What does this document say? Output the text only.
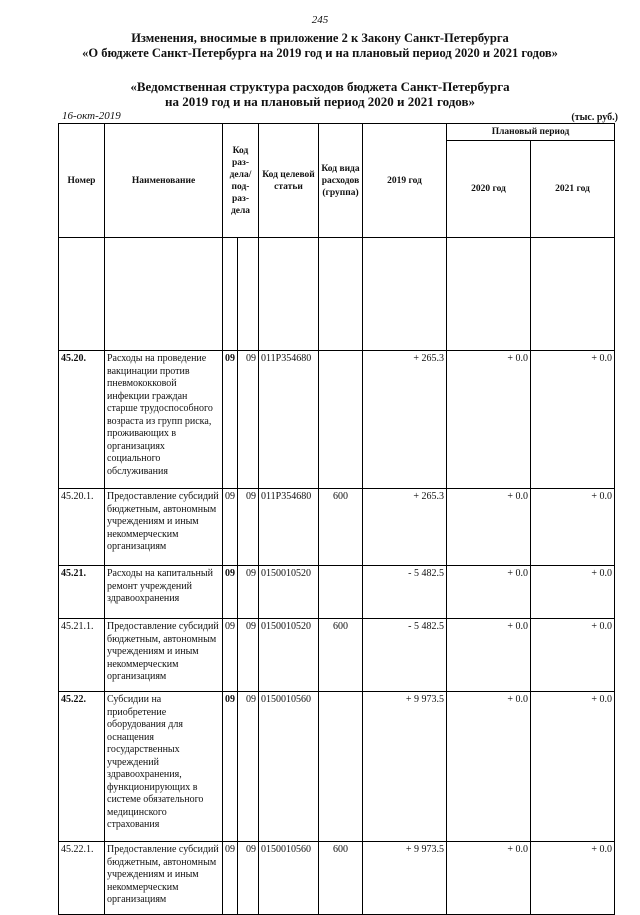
245
Изменения, вносимые в приложение 2 к Закону Санкт-Петербурга
«О бюджете Санкт-Петербурга на 2019 год и на плановый период 2020 и 2021 годов»
«Ведомственная структура расходов бюджета Санкт-Петербурга
на 2019 год и на плановый период 2020 и 2021 годов»
16-окт-2019	(тыс. руб.)
Номер	Наименование	Код раз-дела/ под-раз-дела		Код целевой статьи	Код вида расходов (группа)	2019 год	Плановый период	
							2020 год	2021 год

45.20.	Расходы на проведение вакцинации против пневмококковой инфекции граждан старше трудоспособного возраста из групп риска, проживающих в организациях социального обслуживания	09	09	011P354680		+ 265.3	+ 0.0	+ 0.0
45.20.1.	Предоставление субсидий бюджетным, автономным учреждениям и иным некоммерческим организациям	09	09	011P354680	600	+ 265.3	+ 0.0	+ 0.0
45.21.	Расходы на капитальный ремонт учреждений здравоохранения	09	09	0150010520		- 5 482.5	+ 0.0	+ 0.0
45.21.1.	Предоставление субсидий бюджетным, автономным учреждениям и иным некоммерческим организациям	09	09	0150010520	600	- 5 482.5	+ 0.0	+ 0.0
45.22.	Субсидии на приобретение оборудования для оснащения государственных учреждений здравоохранения, функционирующих в системе обязательного медицинского страхования	09	09	0150010560		+ 9 973.5	+ 0.0	+ 0.0
45.22.1.	Предоставление субсидий бюджетным, автономным учреждениям и иным некоммерческим организациям	09	09	0150010560	600	+ 9 973.5	+ 0.0	+ 0.0
